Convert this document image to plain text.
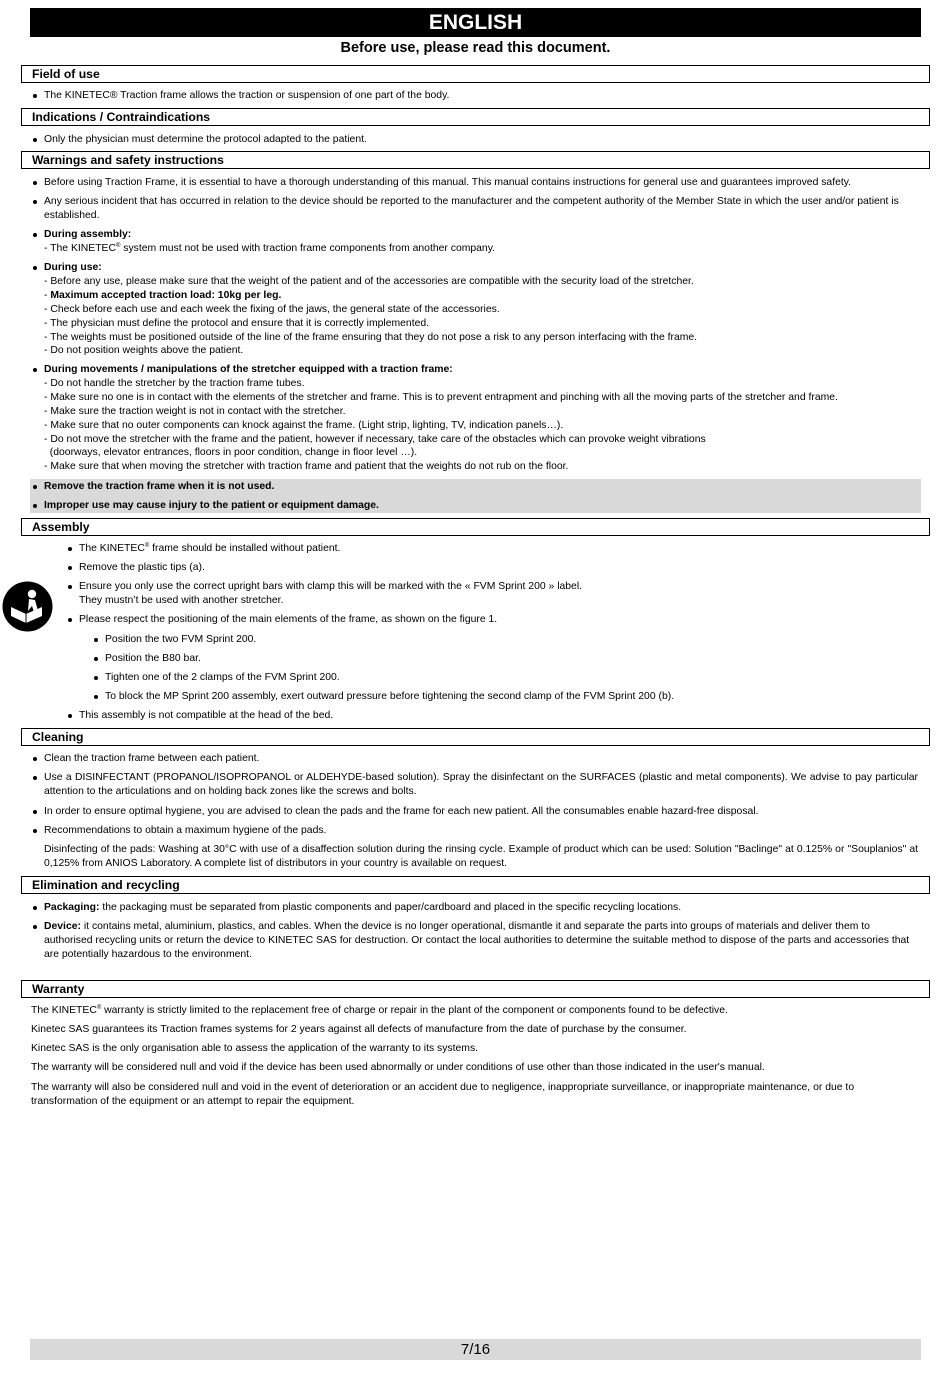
ENGLISH
Before use, please read this document.
Field of use
The KINETEC® Traction frame allows the traction or suspension of one part of the body.
Indications / Contraindications
Only the physician must determine the protocol adapted to the patient.
Warnings and safety instructions
Before using Traction Frame, it is essential to have a thorough understanding of this manual. This manual contains instructions for general use and guarantees improved safety.
Any serious incident that has occurred in relation to the device should be reported to the manufacturer and the competent authority of the Member State in which the user and/or patient is established.
During assembly:
- The KINETEC® system must not be used with traction frame components from another company.
During use:
- Before any use, please make sure that the weight of the patient and of the accessories are compatible with the security load of the stretcher.
- Maximum accepted traction load: 10kg per leg.
- Check before each use and each week the fixing of the jaws, the general state of the accessories.
- The physician must define the protocol and ensure that it is correctly implemented.
- The weights must be positioned outside of the line of the frame ensuring that they do not pose a risk to any person interfacing with the frame.
- Do not position weights above the patient.
During movements / manipulations of the stretcher equipped with a traction frame:
- Do not handle the stretcher by the traction frame tubes.
- Make sure no one is in contact with the elements of the stretcher and frame. This is to prevent entrapment and pinching with all the moving parts of the stretcher and frame.
- Make sure the traction weight is not in contact with the stretcher.
- Make sure that no outer components can knock against the frame. (Light strip, lighting, TV, indication panels…).
- Do not move the stretcher with the frame and the patient, however if necessary, take care of the obstacles which can provoke weight vibrations
(doorways, elevator entrances, floors in poor condition, change in floor level …).
- Make sure that when moving the stretcher with traction frame and patient that the weights do not rub on the floor.
Remove the traction frame when it is not used.
Improper use may cause injury to the patient or equipment damage.
Assembly
The KINETEC® frame should be installed without patient.
Remove the plastic tips (a).
Ensure you only use the correct upright bars with clamp this will be marked with the « FVM Sprint 200 » label.
They mustn’t be used with another stretcher.
Please respect the positioning of the main elements of the frame, as shown on the figure 1.
Position the two FVM Sprint 200.
Position the B80 bar.
Tighten one of the 2 clamps of the FVM Sprint 200.
To block the MP Sprint 200 assembly, exert outward pressure before tightening the second clamp of the FVM Sprint 200 (b).
This assembly is not compatible at the head of the bed.
Cleaning
Clean the traction frame between each patient.
Use a DISINFECTANT (PROPANOL/ISOPROPANOL or ALDEHYDE-based solution). Spray the disinfectant on the SURFACES (plastic and metal components). We advise to pay particular attention to the articulations and on holding back zones like the screws and bolts.
In order to ensure optimal hygiene, you are advised to clean the pads and the frame for each new patient. All the consumables enable hazard-free disposal.
Recommendations to obtain a maximum hygiene of the pads.
Disinfecting of the pads: Washing at 30°C with use of a disaffection solution during the rinsing cycle. Example of product which can be used: Solution "Baclinge" at 0.125% or "Souplanios" at 0,125% from ANIOS Laboratory. A complete list of distributors in your country is available on request.
Elimination and recycling
Packaging: the packaging must be separated from plastic components and paper/cardboard and placed in the specific recycling locations.
Device: it contains metal, aluminium, plastics, and cables. When the device is no longer operational, dismantle it and separate the parts into groups of materials and deliver them to authorised recycling units or return the device to KINETEC SAS for destruction. Or contact the local authorities to determine the suitable method to dispose of the parts and accessories that are potentially hazardous to the environment.
Warranty
The KINETEC® warranty is strictly limited to the replacement free of charge or repair in the plant of the component or components found to be defective.
Kinetec SAS guarantees its Traction frames systems for 2 years against all defects of manufacture from the date of purchase by the consumer.
Kinetec SAS is the only organisation able to assess the application of the warranty to its systems.
The warranty will be considered null and void if the device has been used abnormally or under conditions of use other than those indicated in the user's manual.
The warranty will also be considered null and void in the event of deterioration or an accident due to negligence, inappropriate surveillance, or inappropriate maintenance, or due to transformation of the equipment or an attempt to repair the equipment.
7/16
